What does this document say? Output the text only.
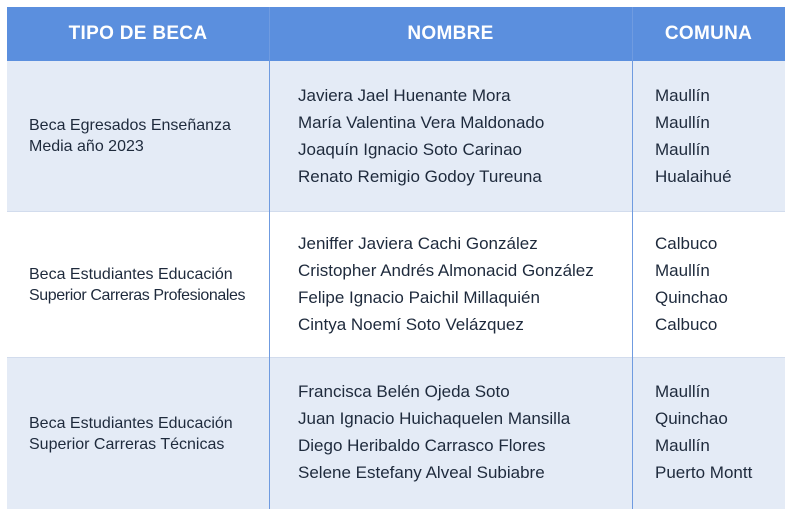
TIPO DE BECA	NOMBRE	COMUNA
Beca Egresados Enseñanza
Media año 2023
Javiera Jael Huenante Mora
María Valentina Vera Maldonado
Joaquín Ignacio Soto Carinao
Renato Remigio Godoy Tureuna
Maullín
Maullín
Maullín
Hualaihué
Beca Estudiantes Educación
Superior Carreras Profesionales
Jeniffer Javiera Cachi González
Cristopher Andrés Almonacid González
Felipe Ignacio Paichil Millaquién
Cintya Noemí Soto Velázquez
Calbuco
Maullín
Quinchao
Calbuco
Beca Estudiantes Educación
Superior Carreras Técnicas
Francisca Belén Ojeda Soto
Juan Ignacio Huichaquelen Mansilla
Diego Heribaldo Carrasco Flores
Selene Estefany Alveal Subiabre
Maullín
Quinchao
Maullín
Puerto Montt
